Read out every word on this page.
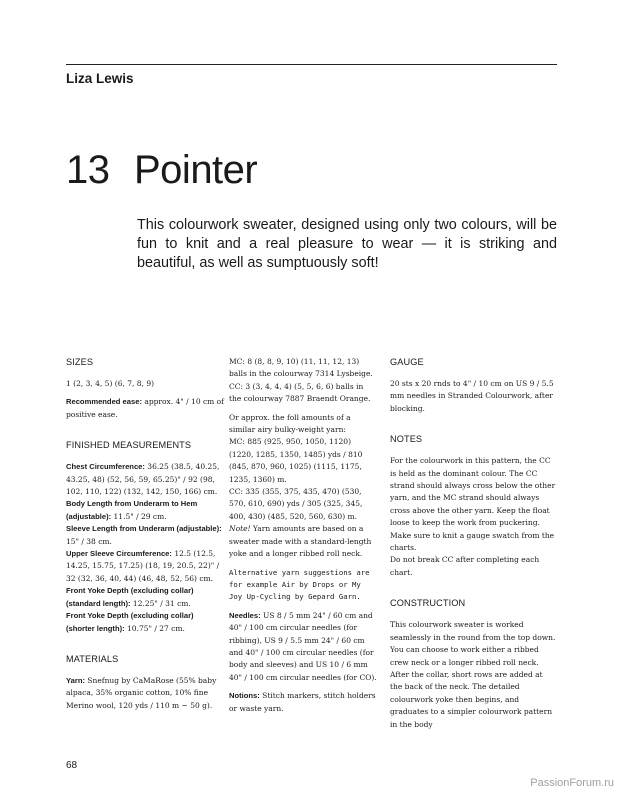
Liza Lewis
13 Pointer
This colourwork sweater, designed using only two colours, will be fun to knit and a real pleasure to wear — it is striking and beautiful, as well as sumptuously soft!
SIZES

1 (2, 3, 4, 5) (6, 7, 8, 9)

Recommended ease: approx. 4" / 10 cm of positive ease.

FINISHED MEASUREMENTS

Chest Circumference: 36.25 (38.5, 40.25, 43.25, 48) (52, 56, 59, 65.25)" / 92 (98, 102, 110, 122) (132, 142, 150, 166) cm.

Body Length from Underarm to Hem (adjustable): 11.5" / 29 cm.

Sleeve Length from Underarm (adjustable): 15" / 38 cm.

Upper Sleeve Circumference: 12.5 (12.5, 14.25, 15.75, 17.25) (18, 19, 20.5, 22)" / 32 (32, 36, 40, 44) (46, 48, 52, 56) cm.

Front Yoke Depth (excluding collar) (standard length): 12.25" / 31 cm.

Front Yoke Depth (excluding collar) (shorter length): 10.75" / 27 cm.

MATERIALS

Yarn: Snefnug by CaMaRose (55% baby alpaca, 35% organic cotton, 10% fine Merino wool, 120 yds / 110 m ~ 50 g).

MC: 8 (8, 8, 9, 10) (11, 11, 12, 13) balls in the colourway 7314 Lysbeige.

CC: 3 (3, 4, 4, 4) (5, 5, 6, 6) balls in the colourway 7887 Braendt Orange.

Or approx. the foll amounts of a similar airy bulky-weight yarn:

MC: 885 (925, 950, 1050, 1120) (1220, 1285, 1350, 1485) yds / 810 (845, 870, 960, 1025) (1115, 1175, 1235, 1360) m.

CC: 335 (355, 375, 435, 470) (530, 570, 610, 690) yds / 305 (325, 345, 400, 430) (485, 520, 560, 630) m.

Note! Yarn amounts are based on a sweater made with a standard-length yoke and a longer ribbed roll neck.

Alternative yarn suggestions are for example Air by Drops or My Joy Up-Cycling by Gepard Garn.

Needles: US 8 / 5 mm 24" / 60 cm and 40" / 100 cm circular needles (for ribbing), US 9 / 5.5 mm 24" / 60 cm and 40" / 100 cm circular needles (for body and sleeves) and US 10 / 6 mm 40" / 100 cm circular needles (for CO).

Notions: Stitch markers, stitch holders or waste yarn.

GAUGE

20 sts x 20 rnds to 4" / 10 cm on US 9 / 5.5 mm needles in Stranded Colourwork, after blocking.

NOTES

For the colourwork in this pattern, the CC is held as the dominant colour. The CC strand should always cross below the other yarn, and the MC strand should always cross above the other yarn. Keep the float loose to keep the work from puckering. Make sure to knit a gauge swatch from the charts.

Do not break CC after completing each chart.

CONSTRUCTION

This colourwork sweater is worked seamlessly in the round from the top down. You can choose to work either a ribbed crew neck or a longer ribbed roll neck. After the collar, short rows are added at the back of the neck. The detailed colourwork yoke then begins, and graduates to a simpler colourwork pattern in the body

68
PassionForum.ru
